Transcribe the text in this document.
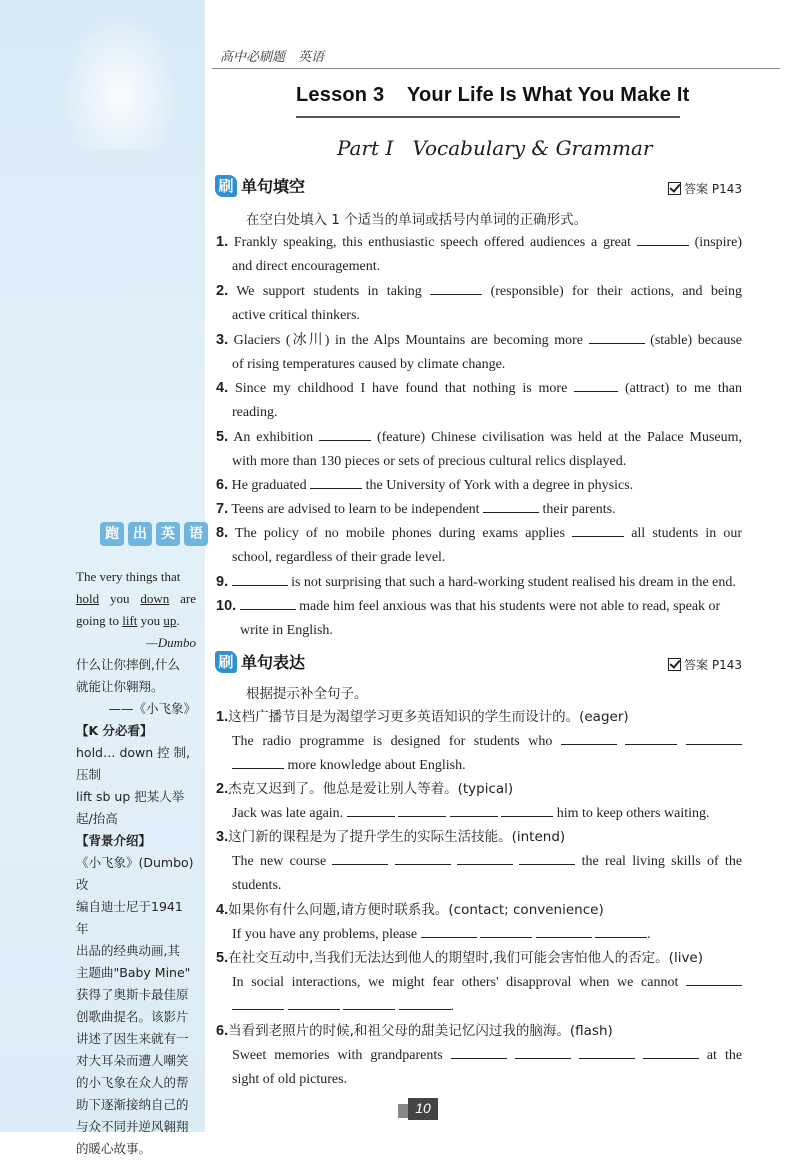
跑	出	英	语
The very things that
hold you down are
going to lift you up.
—Dumbo
什么让你摔倒,什么
就能让你翱翔。
——《小飞象》
【K 分必看】
hold… down 控 制,
压制
lift sb up 把某人举
起/抬高
【背景介绍】
《小飞象》(Dumbo)改
编自迪士尼于1941 年
出品的经典动画,其
主题曲"Baby Mine"
获得了奥斯卡最佳原
创歌曲提名。该影片
讲述了因生来就有一
对大耳朵而遭人嘲笑
的小飞象在众人的帮
助下逐渐接纳自己的
与众不同并逆风翱翔
的暖心故事。
高中必刷题　英语
Lesson 3    Your Life Is What You Make It
Part I   Vocabulary & Grammar
刷 单句填空	答案 P143
在空白处填入 1 个适当的单词或括号内单词的正确形式。
1. Frankly speaking, this enthusiastic speech offered audiences a great	(inspire)
and direct encouragement.
2. We support students in taking	(responsible) for their actions, and being
active critical thinkers.
3. Glaciers (冰川) in the Alps Mountains are becoming more	(stable) because
of rising temperatures caused by climate change.
4. Since my childhood I have found that nothing is more	(attract) to me than
reading.
5. An exhibition	(feature) Chinese civilisation was held at the Palace Museum,
with more than 130 pieces or sets of precious cultural relics displayed.
6. He graduated	the University of York with a degree in physics.
7. Teens are advised to learn to be independent	their parents.
8. The policy of no mobile phones during exams applies	all students in our
school, regardless of their grade level.
9.	is not surprising that such a hard-working student realised his dream in the end.
10.	made him feel anxious was that his students were not able to read, speak or
write in English.
刷 单句表达	答案 P143
根据提示补全句子。
1.这档广播节目是为渴望学习更多英语知识的学生而设计的。(eager)
The radio programme is designed for students who
more knowledge about English.
2.杰克又迟到了。他总是爱让别人等着。(typical)
Jack was late again.	him to keep others waiting.
3.这门新的课程是为了提升学生的实际生活技能。(intend)
The new course	the real living skills of the
students.
4.如果你有什么问题,请方便时联系我。(contact; convenience)
If you have any problems, please	.
5.在社交互动中,当我们无法达到他人的期望时,我们可能会害怕他人的否定。(live)
In social interactions, we might fear others' disapproval when we cannot
.
6.当看到老照片的时候,和祖父母的甜美记忆闪过我的脑海。(flash)
Sweet memories with grandparents	at the
sight of old pictures.
10
